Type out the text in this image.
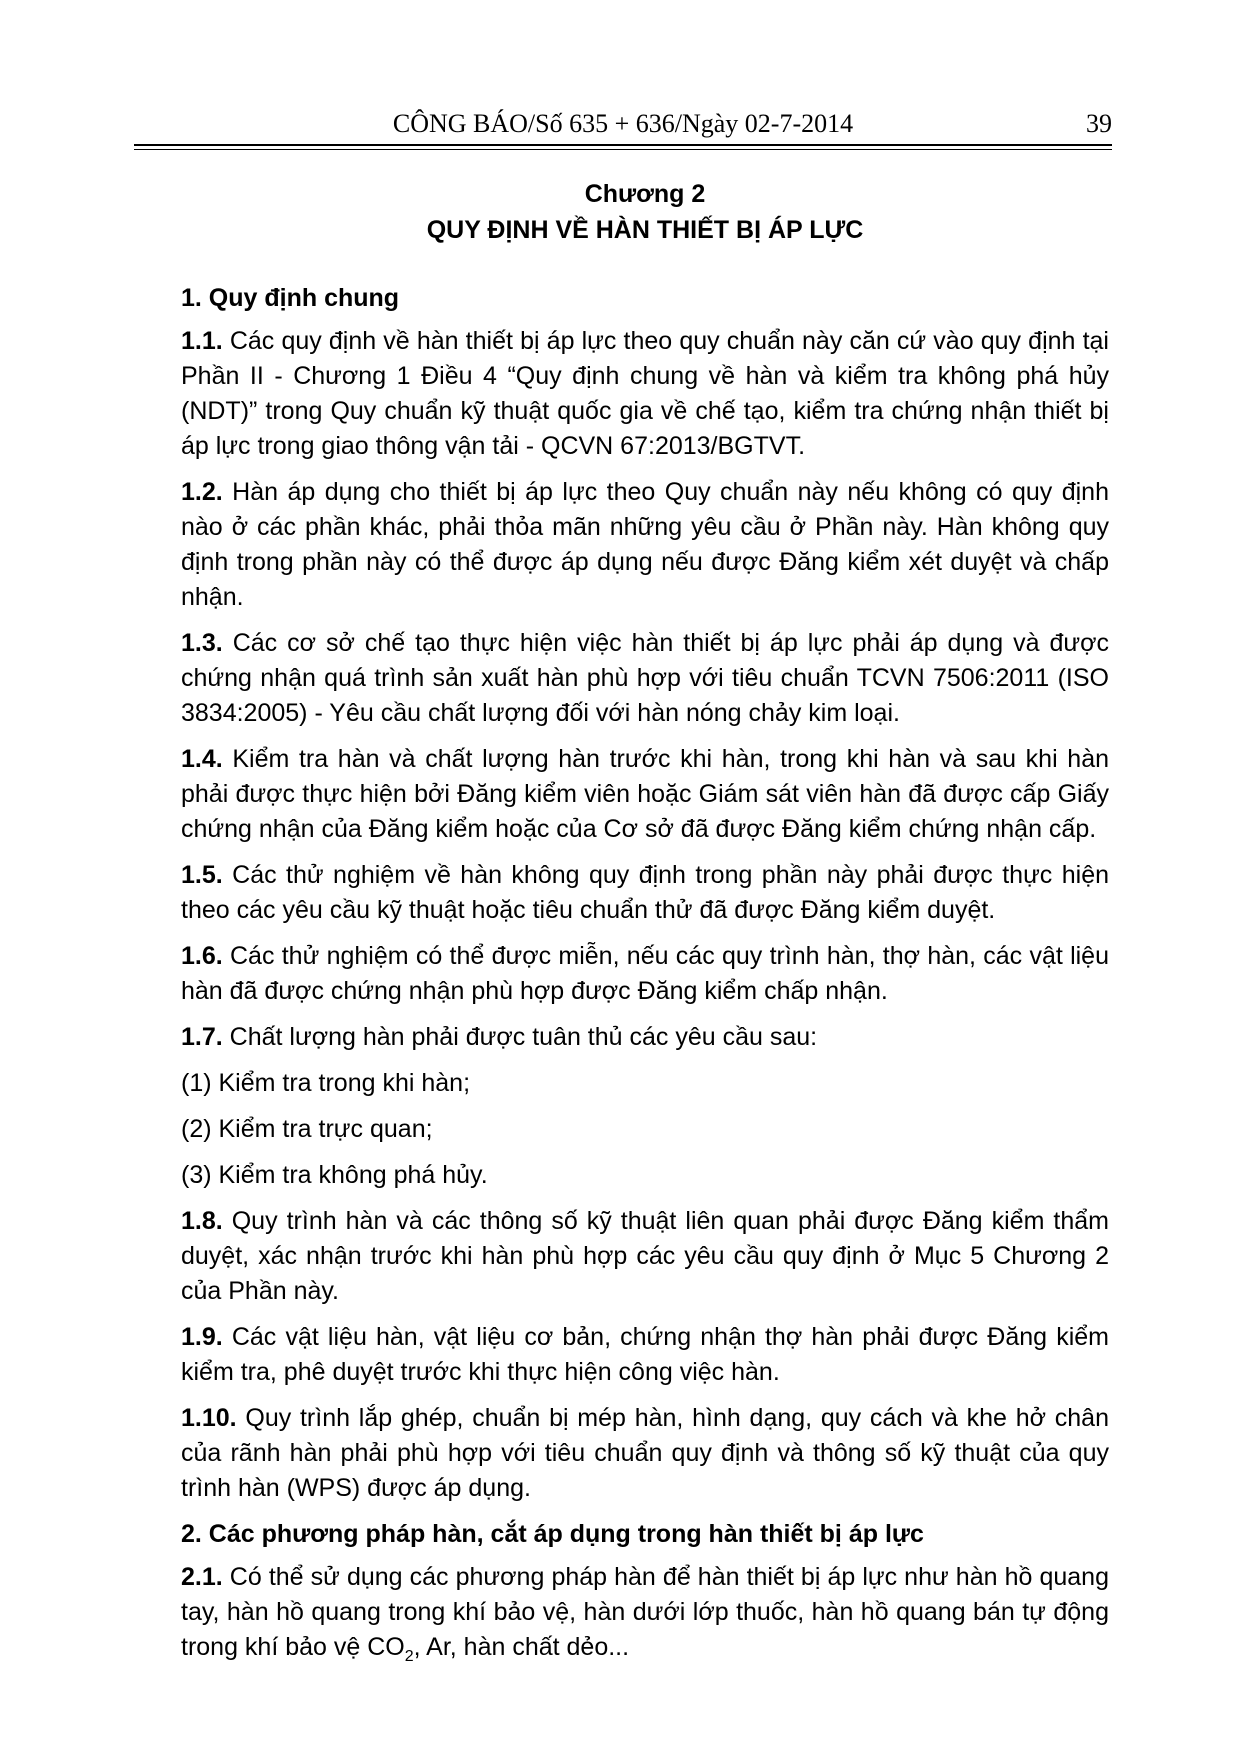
CÔNG BÁO/Số 635 + 636/Ngày 02-7-2014	39

Chương 2

QUY ĐỊNH VỀ HÀN THIẾT BỊ ÁP LỰC

1. Quy định chung

1.1. Các quy định về hàn thiết bị áp lực theo quy chuẩn này căn cứ vào quy định tại Phần II - Chương 1 Điều 4 “Quy định chung về hàn và kiểm tra không phá hủy (NDT)” trong Quy chuẩn kỹ thuật quốc gia về chế tạo, kiểm tra chứng nhận thiết bị áp lực trong giao thông vận tải - QCVN 67:2013/BGTVT.

1.2. Hàn áp dụng cho thiết bị áp lực theo Quy chuẩn này nếu không có quy định nào ở các phần khác, phải thỏa mãn những yêu cầu ở Phần này. Hàn không quy định trong phần này có thể được áp dụng nếu được Đăng kiểm xét duyệt và chấp nhận.

1.3. Các cơ sở chế tạo thực hiện việc hàn thiết bị áp lực phải áp dụng và được chứng nhận quá trình sản xuất hàn phù hợp với tiêu chuẩn TCVN 7506:2011 (ISO 3834:2005) - Yêu cầu chất lượng đối với hàn nóng chảy kim loại.

1.4. Kiểm tra hàn và chất lượng hàn trước khi hàn, trong khi hàn và sau khi hàn phải được thực hiện bởi Đăng kiểm viên hoặc Giám sát viên hàn đã được cấp Giấy chứng nhận của Đăng kiểm hoặc của Cơ sở đã được Đăng kiểm chứng nhận cấp.

1.5. Các thử nghiệm về hàn không quy định trong phần này phải được thực hiện theo các yêu cầu kỹ thuật hoặc tiêu chuẩn thử đã được Đăng kiểm duyệt.

1.6. Các thử nghiệm có thể được miễn, nếu các quy trình hàn, thợ hàn, các vật liệu hàn đã được chứng nhận phù hợp được Đăng kiểm chấp nhận.

1.7. Chất lượng hàn phải được tuân thủ các yêu cầu sau:

(1) Kiểm tra trong khi hàn;

(2) Kiểm tra trực quan;

(3) Kiểm tra không phá hủy.

1.8. Quy trình hàn và các thông số kỹ thuật liên quan phải được Đăng kiểm thẩm duyệt, xác nhận trước khi hàn phù hợp các yêu cầu quy định ở Mục 5 Chương 2 của Phần này.

1.9. Các vật liệu hàn, vật liệu cơ bản, chứng nhận thợ hàn phải được Đăng kiểm kiểm tra, phê duyệt trước khi thực hiện công việc hàn.

1.10. Quy trình lắp ghép, chuẩn bị mép hàn, hình dạng, quy cách và khe hở chân của rãnh hàn phải phù hợp với tiêu chuẩn quy định và thông số kỹ thuật của quy trình hàn (WPS) được áp dụng.

2. Các phương pháp hàn, cắt áp dụng trong hàn thiết bị áp lực

2.1. Có thể sử dụng các phương pháp hàn để hàn thiết bị áp lực như hàn hồ quang tay, hàn hồ quang trong khí bảo vệ, hàn dưới lớp thuốc, hàn hồ quang bán tự động trong khí bảo vệ $CO_2$, Ar, hàn chất dẻo...
